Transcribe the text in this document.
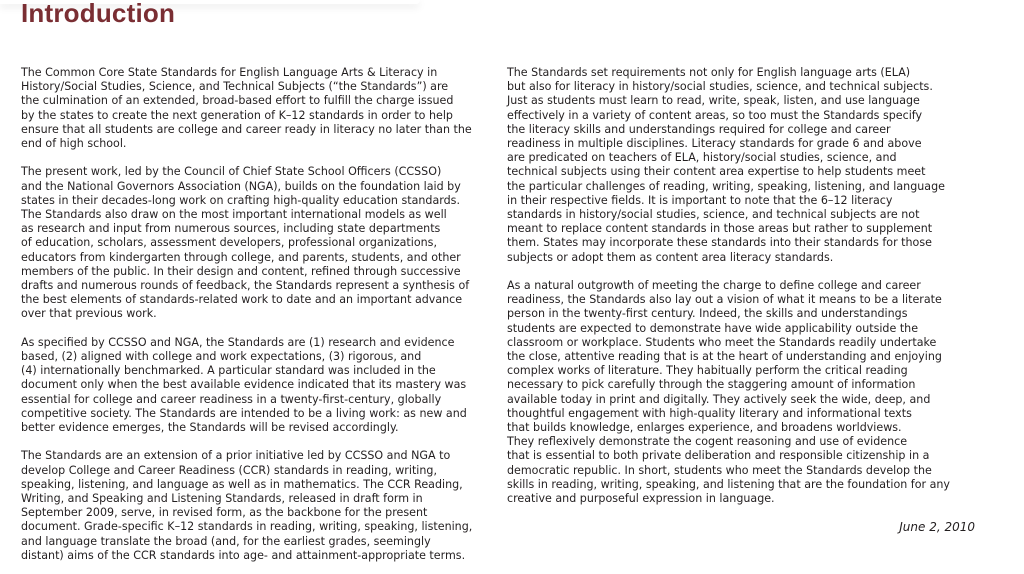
Introduction

The Common Core State Standards for English Language Arts & Literacy in
History/Social Studies, Science, and Technical Subjects (“the Standards”) are
the culmination of an extended, broad-based effort to fulfill the charge issued
by the states to create the next generation of K–12 standards in order to help
ensure that all students are college and career ready in literacy no later than the
end of high school.

The present work, led by the Council of Chief State School Officers (CCSSO)
and the National Governors Association (NGA), builds on the foundation laid by
states in their decades-long work on crafting high-quality education standards.
The Standards also draw on the most important international models as well
as research and input from numerous sources, including state departments
of education, scholars, assessment developers, professional organizations,
educators from kindergarten through college, and parents, students, and other
members of the public. In their design and content, refined through successive
drafts and numerous rounds of feedback, the Standards represent a synthesis of
the best elements of standards-related work to date and an important advance
over that previous work.

As specified by CCSSO and NGA, the Standards are (1) research and evidence
based, (2) aligned with college and work expectations, (3) rigorous, and
(4) internationally benchmarked. A particular standard was included in the
document only when the best available evidence indicated that its mastery was
essential for college and career readiness in a twenty-first-century, globally
competitive society. The Standards are intended to be a living work: as new and
better evidence emerges, the Standards will be revised accordingly.

The Standards are an extension of a prior initiative led by CCSSO and NGA to
develop College and Career Readiness (CCR) standards in reading, writing,
speaking, listening, and language as well as in mathematics. The CCR Reading,
Writing, and Speaking and Listening Standards, released in draft form in
September 2009, serve, in revised form, as the backbone for the present
document. Grade-specific K–12 standards in reading, writing, speaking, listening,
and language translate the broad (and, for the earliest grades, seemingly
distant) aims of the CCR standards into age- and attainment-appropriate terms.

The Standards set requirements not only for English language arts (ELA)
but also for literacy in history/social studies, science, and technical subjects.
Just as students must learn to read, write, speak, listen, and use language
effectively in a variety of content areas, so too must the Standards specify
the literacy skills and understandings required for college and career
readiness in multiple disciplines. Literacy standards for grade 6 and above
are predicated on teachers of ELA, history/social studies, science, and
technical subjects using their content area expertise to help students meet
the particular challenges of reading, writing, speaking, listening, and language
in their respective fields. It is important to note that the 6–12 literacy
standards in history/social studies, science, and technical subjects are not
meant to replace content standards in those areas but rather to supplement
them. States may incorporate these standards into their standards for those
subjects or adopt them as content area literacy standards.

As a natural outgrowth of meeting the charge to define college and career
readiness, the Standards also lay out a vision of what it means to be a literate
person in the twenty-first century. Indeed, the skills and understandings
students are expected to demonstrate have wide applicability outside the
classroom or workplace. Students who meet the Standards readily undertake
the close, attentive reading that is at the heart of understanding and enjoying
complex works of literature. They habitually perform the critical reading
necessary to pick carefully through the staggering amount of information
available today in print and digitally. They actively seek the wide, deep, and
thoughtful engagement with high-quality literary and informational texts
that builds knowledge, enlarges experience, and broadens worldviews.
They reflexively demonstrate the cogent reasoning and use of evidence
that is essential to both private deliberation and responsible citizenship in a
democratic republic. In short, students who meet the Standards develop the
skills in reading, writing, speaking, and listening that are the foundation for any
creative and purposeful expression in language.

June 2, 2010
